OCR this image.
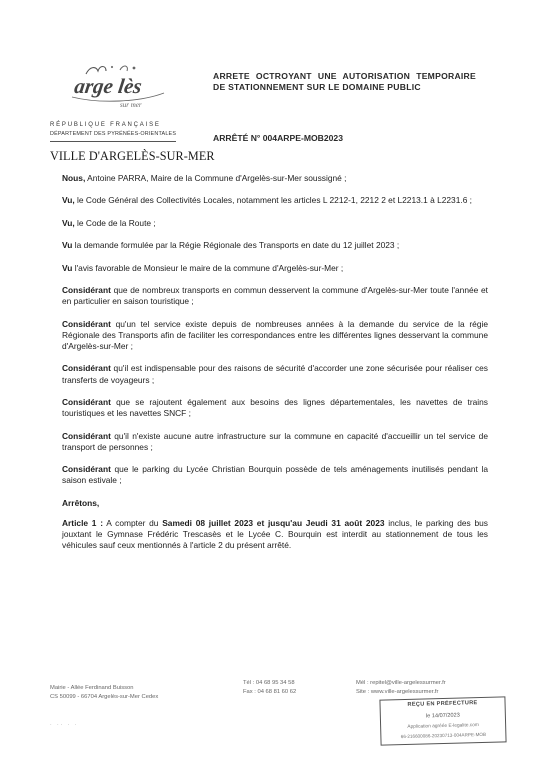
arge lès
sur mer
RÉPUBLIQUE FRANÇAISE
DÉPARTEMENT DES PYRÉNÉES-ORIENTALES
VILLE D'ARGELÈS-SUR-MER
ARRETE OCTROYANT UNE AUTORISATION TEMPORAIRE DE STATIONNEMENT SUR LE DOMAINE PUBLIC
ARRÊTÉ N° 004ARPE-MOB2023

Nous, Antoine PARRA, Maire de la Commune d'Argelès-sur-Mer soussigné ;

Vu, le Code Général des Collectivités Locales, notamment les articles L 2212-1, 2212 2 et L2213.1 à L2231.6 ;

Vu, le Code de la Route ;

Vu la demande formulée par la Régie Régionale des Transports en date du 12 juillet 2023 ;

Vu l'avis favorable de Monsieur le maire de la commune d'Argelès-sur-Mer ;

Considérant que de nombreux transports en commun desservent la commune d'Argelès-sur-Mer toute l'année et en particulier en saison touristique ;

Considérant qu'un tel service existe depuis de nombreuses années à la demande du service de la régie Régionale des Transports afin de faciliter les correspondances entre les différentes lignes desservant la commune d'Argelès-sur-Mer ;

Considérant qu'il est indispensable pour des raisons de sécurité d'accorder une zone sécurisée pour réaliser ces transferts de voyageurs ;

Considérant que se rajoutent également aux besoins des lignes départementales, les navettes de trains touristiques et les navettes SNCF ;

Considérant qu'il n'existe aucune autre infrastructure sur la commune en capacité d'accueillir un tel service de transport de personnes ;

Considérant que le parking du Lycée Christian Bourquin possède de tels aménagements inutilisés pendant la saison estivale ;

Arrêtons,

Article 1 : A compter du Samedi 08 juillet 2023 et jusqu'au Jeudi 31 août 2023 inclus, le parking des bus jouxtant le Gymnase Frédéric Trescasès et le Lycée C. Bourquin est interdit au stationnement de tous les véhicules sauf ceux mentionnés à l'article 2 du présent arrêté.

Mairie - Allée Ferdinand Buisson
CS 50099 - 66704 Argelès-sur-Mer Cedex
Tél : 04 68 95 34 58
Fax : 04 68 81 60 62
Mél : repitel@ville-argelessurmer.fr
Site : www.ville-argelessurmer.fr
REÇU EN PRÉFECTURE
le 14/07/2023
Application agréée E-legalite.com
66-216600086-20230713-004ARPE-MOB
· ·· · ·
